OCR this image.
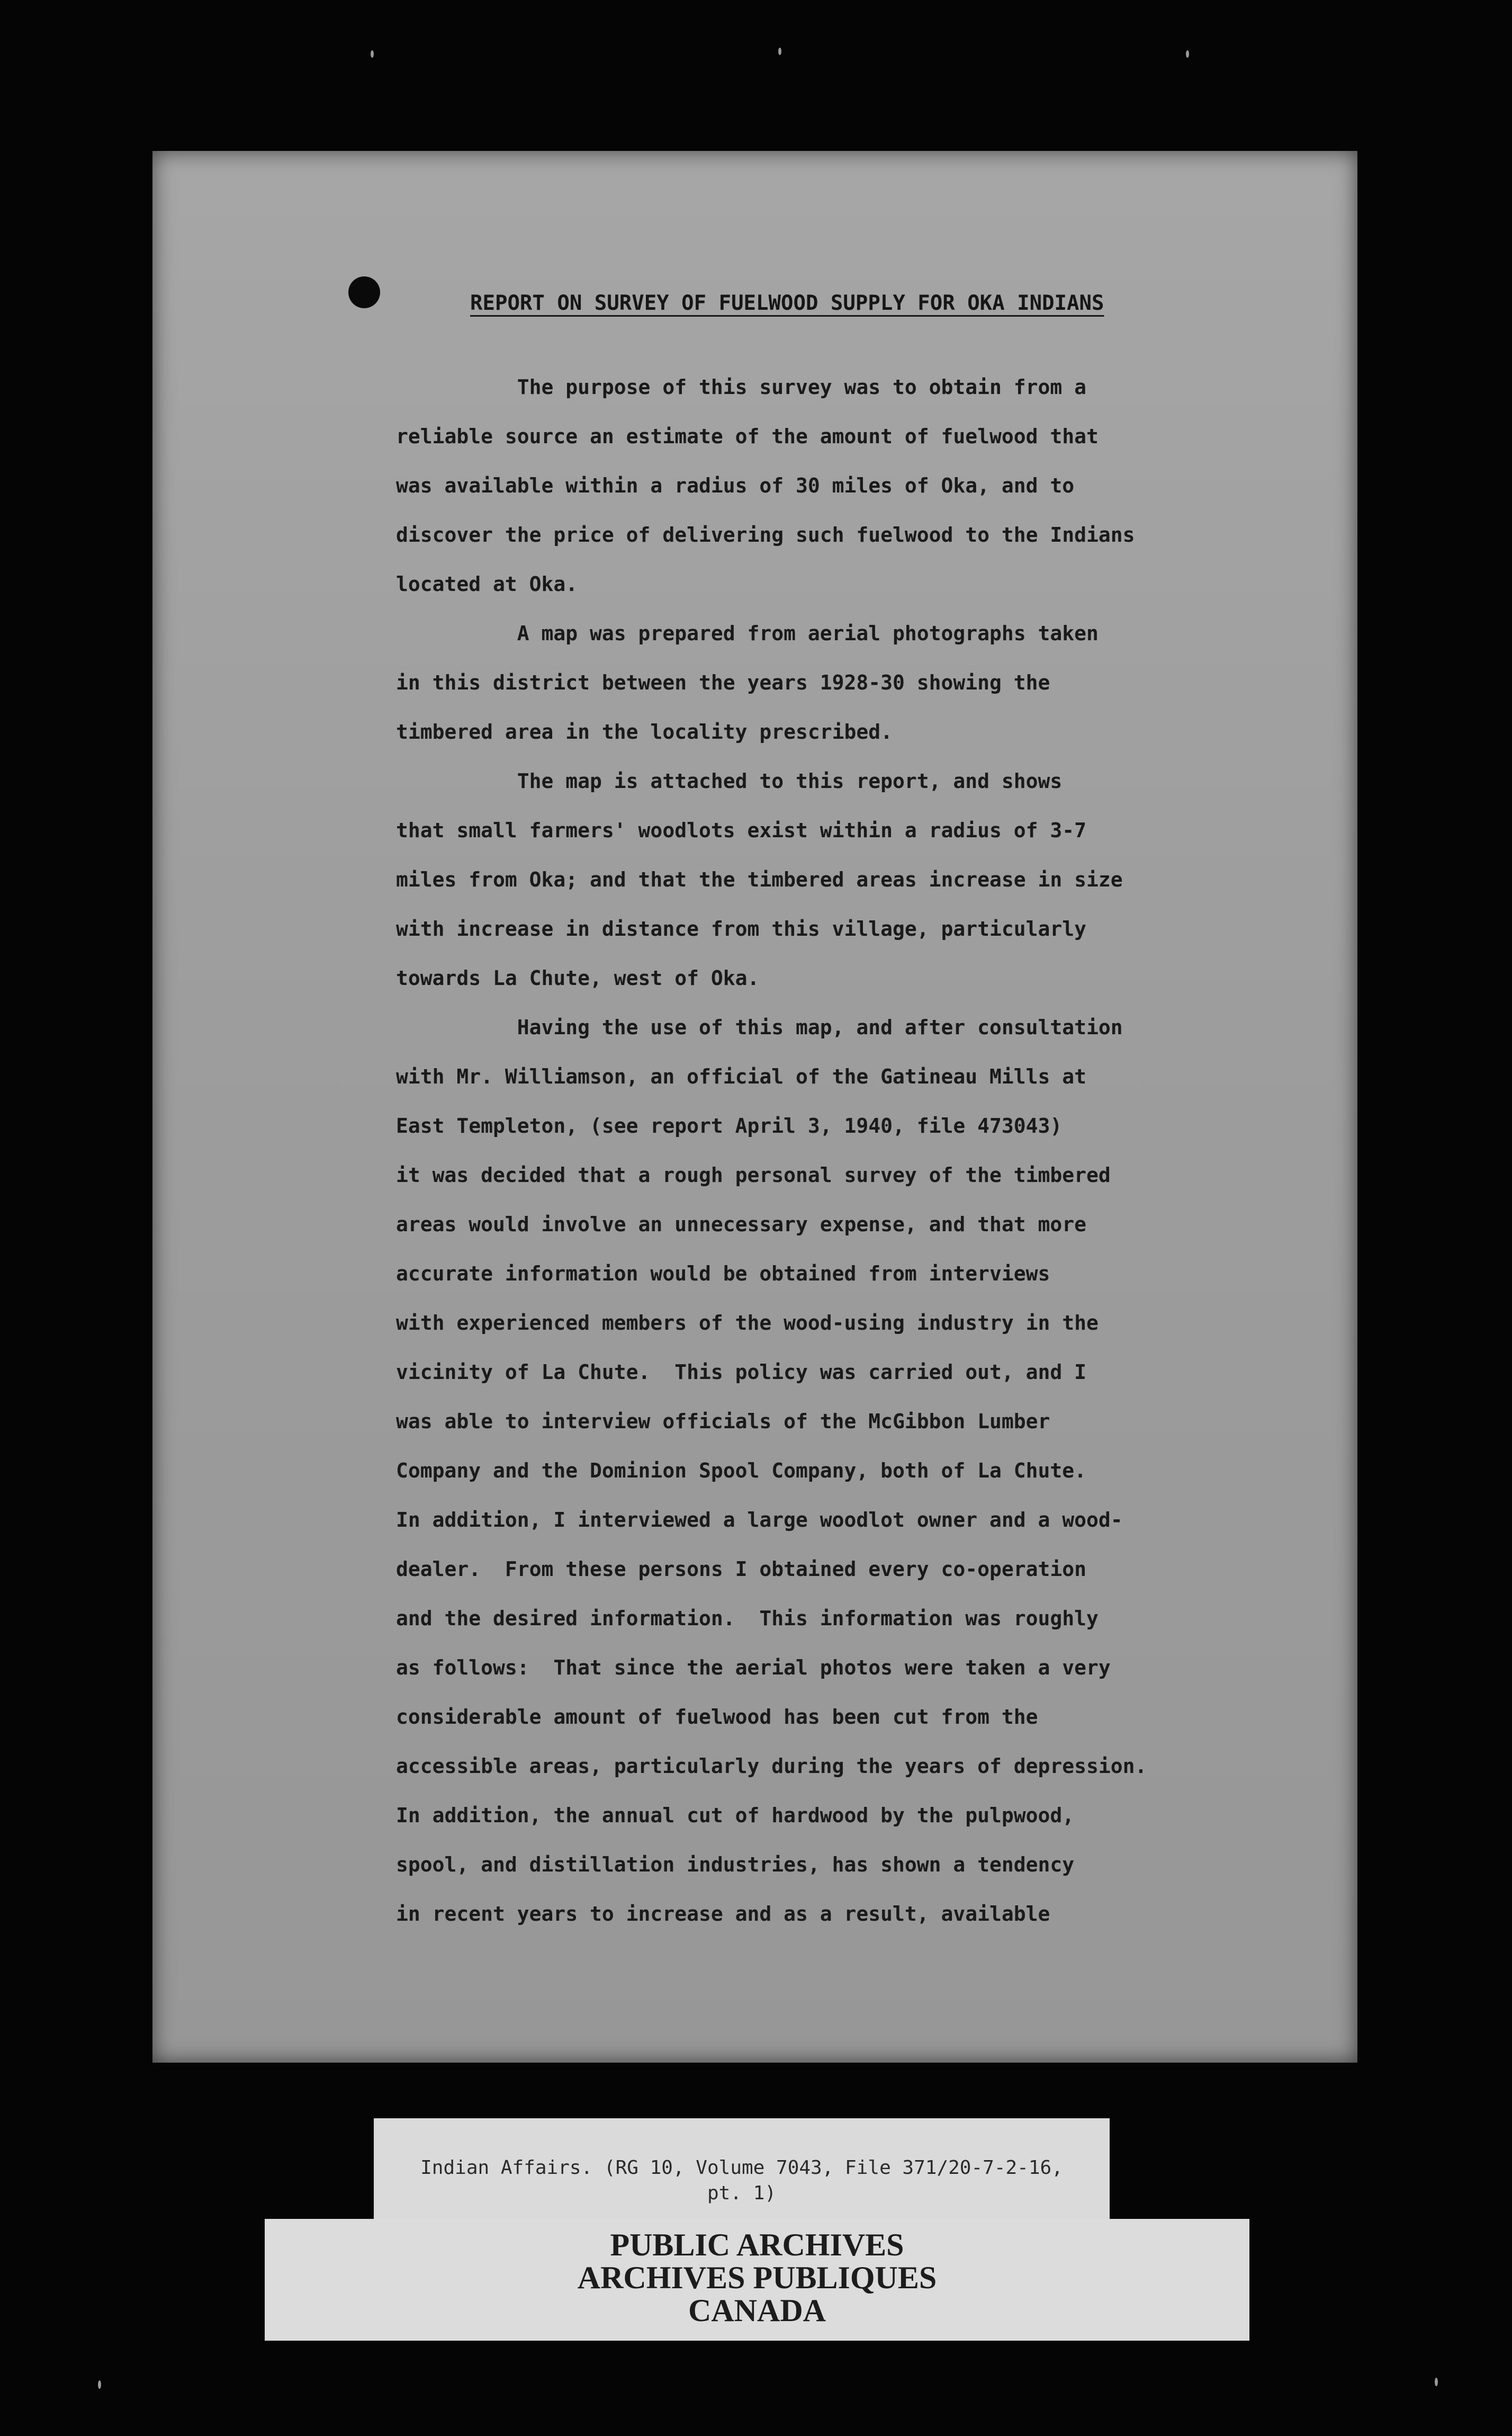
REPORT ON SURVEY OF FUELWOOD SUPPLY FOR OKA INDIANS
The purpose of this survey was to obtain from a
reliable source an estimate of the amount of fuelwood that
was available within a radius of 30 miles of Oka, and to
discover the price of delivering such fuelwood to the Indians
located at Oka.
A map was prepared from aerial photographs taken
in this district between the years 1928-30 showing the
timbered area in the locality prescribed.
The map is attached to this report, and shows
that small farmers' woodlots exist within a radius of 3-7
miles from Oka; and that the timbered areas increase in size
with increase in distance from this village, particularly
towards La Chute, west of Oka.
Having the use of this map, and after consultation
with Mr. Williamson, an official of the Gatineau Mills at
East Templeton, (see report April 3, 1940, file 473043)
it was decided that a rough personal survey of the timbered
areas would involve an unnecessary expense, and that more
accurate information would be obtained from interviews
with experienced members of the wood-using industry in the
vicinity of La Chute.  This policy was carried out, and I
was able to interview officials of the McGibbon Lumber
Company and the Dominion Spool Company, both of La Chute.
In addition, I interviewed a large woodlot owner and a wood-
dealer.  From these persons I obtained every co-operation
and the desired information.  This information was roughly
as follows:  That since the aerial photos were taken a very
considerable amount of fuelwood has been cut from the
accessible areas, particularly during the years of depression.
In addition, the annual cut of hardwood by the pulpwood,
spool, and distillation industries, has shown a tendency
in recent years to increase and as a result, available

Indian Affairs. (RG 10, Volume 7043, File 371/20-7-2-16,
pt. 1)

PUBLIC ARCHIVES
ARCHIVES PUBLIQUES
CANADA
